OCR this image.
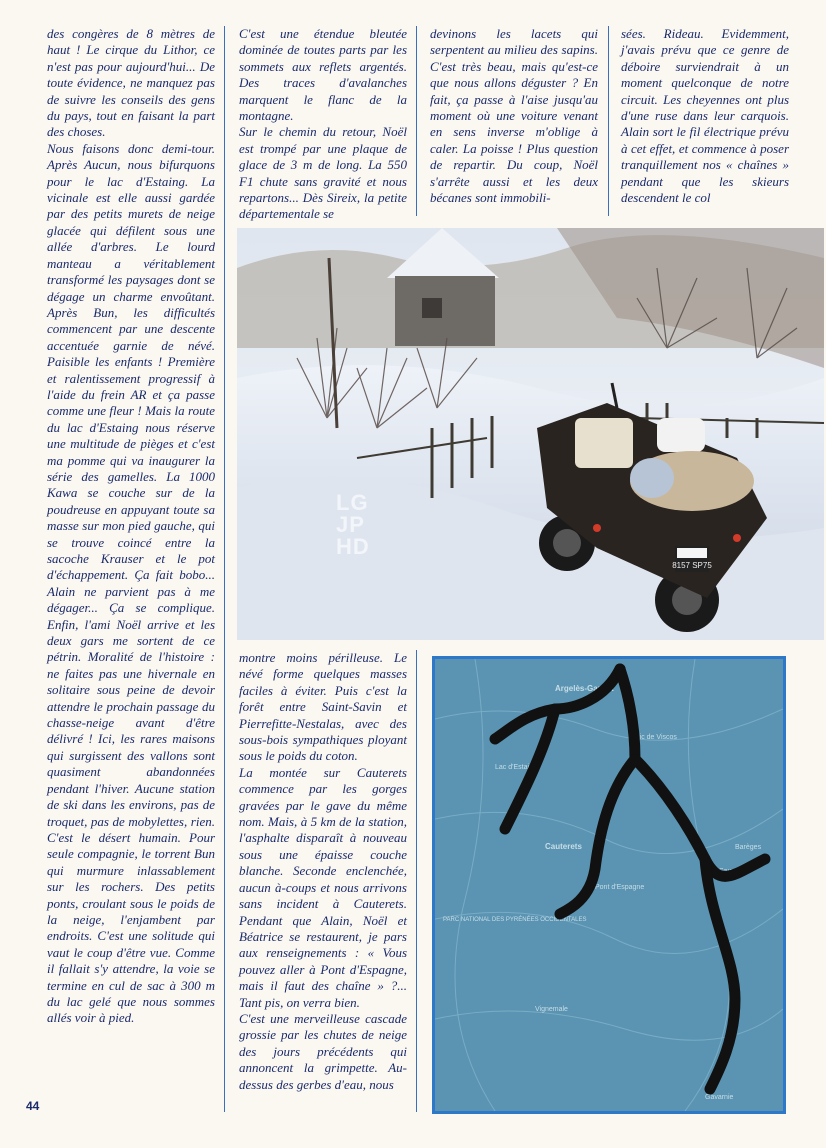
des congères de 8 mètres de haut ! Le cirque du Lithor, ce n'est pas pour aujourd'hui... De toute évidence, ne manquez pas de suivre les conseils des gens du pays, tout en faisant la part des choses.

Nous faisons donc demi-tour. Après Aucun, nous bifurquons pour le lac d'Estaing. La vicinale est elle aussi gardée par des petits murets de neige glacée qui défilent sous une allée d'arbres. Le lourd manteau a véritablement transformé les paysages dont se dégage un charme envoûtant. Après Bun, les difficultés commencent par une descente accentuée garnie de névé. Paisible les enfants ! Première et ralentissement progressif à l'aide du frein AR et ça passe comme une fleur ! Mais la route du lac d'Estaing nous réserve une multitude de pièges et c'est ma pomme qui va inaugurer la série des gamelles. La 1000 Kawa se couche sur de la poudreuse en appuyant toute sa masse sur mon pied gauche, qui se trouve coincé entre la sacoche Krauser et le pot d'échappement. Ça fait bobo... Alain ne parvient pas à me dégager... Ça se complique. Enfin, l'ami Noël arrive et les deux gars me sortent de ce pétrin. Moralité de l'histoire : ne faites pas une hivernale en solitaire sous peine de devoir attendre le prochain passage du chasse-neige avant d'être délivré ! Ici, les rares maisons qui surgissent des vallons sont quasiment abandonnées pendant l'hiver. Aucune station de ski dans les environs, pas de troquet, pas de mobylettes, rien. C'est le désert humain. Pour seule compagnie, le torrent Bun qui murmure inlassablement sur les rochers. Des petits ponts, croulant sous le poids de la neige, l'enjambent par endroits. C'est une solitude qui vaut le coup d'être vue. Comme il fallait s'y attendre, la voie se termine en cul de sac à 300 m du lac gelé que nous sommes allés voir à pied.

C'est une étendue bleutée dominée de toutes parts par les sommets aux reflets argentés. Des traces d'avalanches marquent le flanc de la montagne.

Sur le chemin du retour, Noël est trompé par une plaque de glace de 3 m de long. La 550 F1 chute sans gravité et nous repartons... Dès Sireix, la petite départementale se

devinons les lacets qui serpentent au milieu des sapins. C'est très beau, mais qu'est-ce que nous allons déguster ? En fait, ça passe à l'aise jusqu'au moment où une voiture venant en sens inverse m'oblige à caler. La poisse ! Plus question de repartir. Du coup, Noël s'arrête aussi et les deux bécanes sont immobili-

sées. Rideau. Evidemment, j'avais prévu que ce genre de déboire surviendrait à un moment quelconque de notre circuit. Les cheyennes ont plus d'une ruse dans leur carquois. Alain sort le fil électrique prévu à cet effet, et commence à poser tranquillement nos « chaînes » pendant que les skieurs descendent le col

8157 SP75
LG
JP
HD

montre moins périlleuse. Le névé forme quelques masses faciles à éviter. Puis c'est la forêt entre Saint-Savin et Pierrefitte-Nestalas, avec des sous-bois sympathiques ployant sous le poids du coton.

La montée sur Cauterets commence par les gorges gravées par le gave du même nom. Mais, à 5 km de la station, l'asphalte disparaît à nouveau sous une épaisse couche blanche. Seconde enclenchée, aucun à-coups et nous arrivons sans incident à Cauterets. Pendant que Alain, Noël et Béatrice se restaurent, je pars aux renseignements : « Vous pouvez aller à Pont d'Espagne, mais il faut des chaîne » ?... Tant pis, on verra bien.

C'est une merveilleuse cascade grossie par les chutes de neige des jours précédents qui annoncent la grimpette. Au-dessus des gerbes d'eau, nous

Argelès-Gazost
Cauterets
Gavarnie
Barèges
St-Sauveur
PARC NATIONAL DES PYRÉNÉES OCCIDENTALES
Vignemale
Pic de Viscos
Lac d'Estaing
Pont d'Espagne
44
